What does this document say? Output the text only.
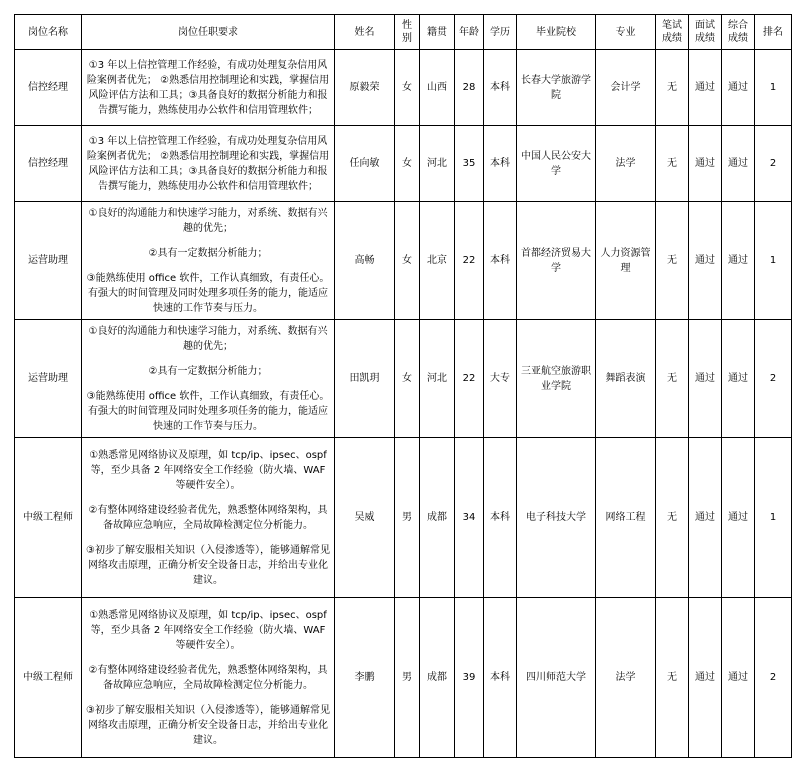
岗位名称	岗位任职要求	姓名	性别	籍贯	年龄	学历	毕业院校	专业	笔试成绩	面试成绩	综合成绩	排名
信控经理	①3 年以上信控管理工作经验，有成功处理复杂信用风险案例者优先； ②熟悉信用控制理论和实践，掌握信用风险评估方法和工具；③具备良好的数据分析能力和报告撰写能力，熟练使用办公软件和信用管理软件；	原毅荣	女	山西	28	本科	长春大学旅游学院	会计学	无	通过	通过	1
信控经理	①3 年以上信控管理工作经验，有成功处理复杂信用风险案例者优先； ②熟悉信用控制理论和实践，掌握信用风险评估方法和工具；③具备良好的数据分析能力和报告撰写能力，熟练使用办公软件和信用管理软件；	任向敏	女	河北	35	本科	中国人民公安大学	法学	无	通过	通过	2
运营助理	①良好的沟通能力和快速学习能力，对系统、数据有兴趣的优先；

②具有一定数据分析能力；

③能熟练使用 office 软件，工作认真细致，有责任心。有强大的时间管理及同时处理多项任务的能力，能适应快速的工作节奏与压力。	高畅	女	北京	22	本科	首都经济贸易大学	人力资源管理	无	通过	通过	1
运营助理	①良好的沟通能力和快速学习能力，对系统、数据有兴趣的优先；

②具有一定数据分析能力；

③能熟练使用 office 软件，工作认真细致，有责任心。有强大的时间管理及同时处理多项任务的能力，能适应快速的工作节奏与压力。	田凯玥	女	河北	22	大专	三亚航空旅游职业学院	舞蹈表演	无	通过	通过	2
中级工程师	①熟悉常见网络协议及原理，如 tcp/ip、ipsec、ospf 等，至少具备 2 年网络安全工作经验（防火墙、WAF 等硬件安全）。

②有整体网络建设经验者优先，熟悉整体网络架构，具备故障应急响应，全局故障检测定位分析能力。

③初步了解安服相关知识（入侵渗透等），能够通解常见网络攻击原理，正确分析安全设备日志，并给出专业化建议。	吴威	男	成都	34	本科	电子科技大学	网络工程	无	通过	通过	1
中级工程师	①熟悉常见网络协议及原理，如 tcp/ip、ipsec、ospf 等，至少具备 2 年网络安全工作经验（防火墙、WAF 等硬件安全）。

②有整体网络建设经验者优先，熟悉整体网络架构，具备故障应急响应，全局故障检测定位分析能力。

③初步了解安服相关知识（入侵渗透等），能够通解常见网络攻击原理，正确分析安全设备日志，并给出专业化建议。	李鹏	男	成都	39	本科	四川师范大学	法学	无	通过	通过	2
